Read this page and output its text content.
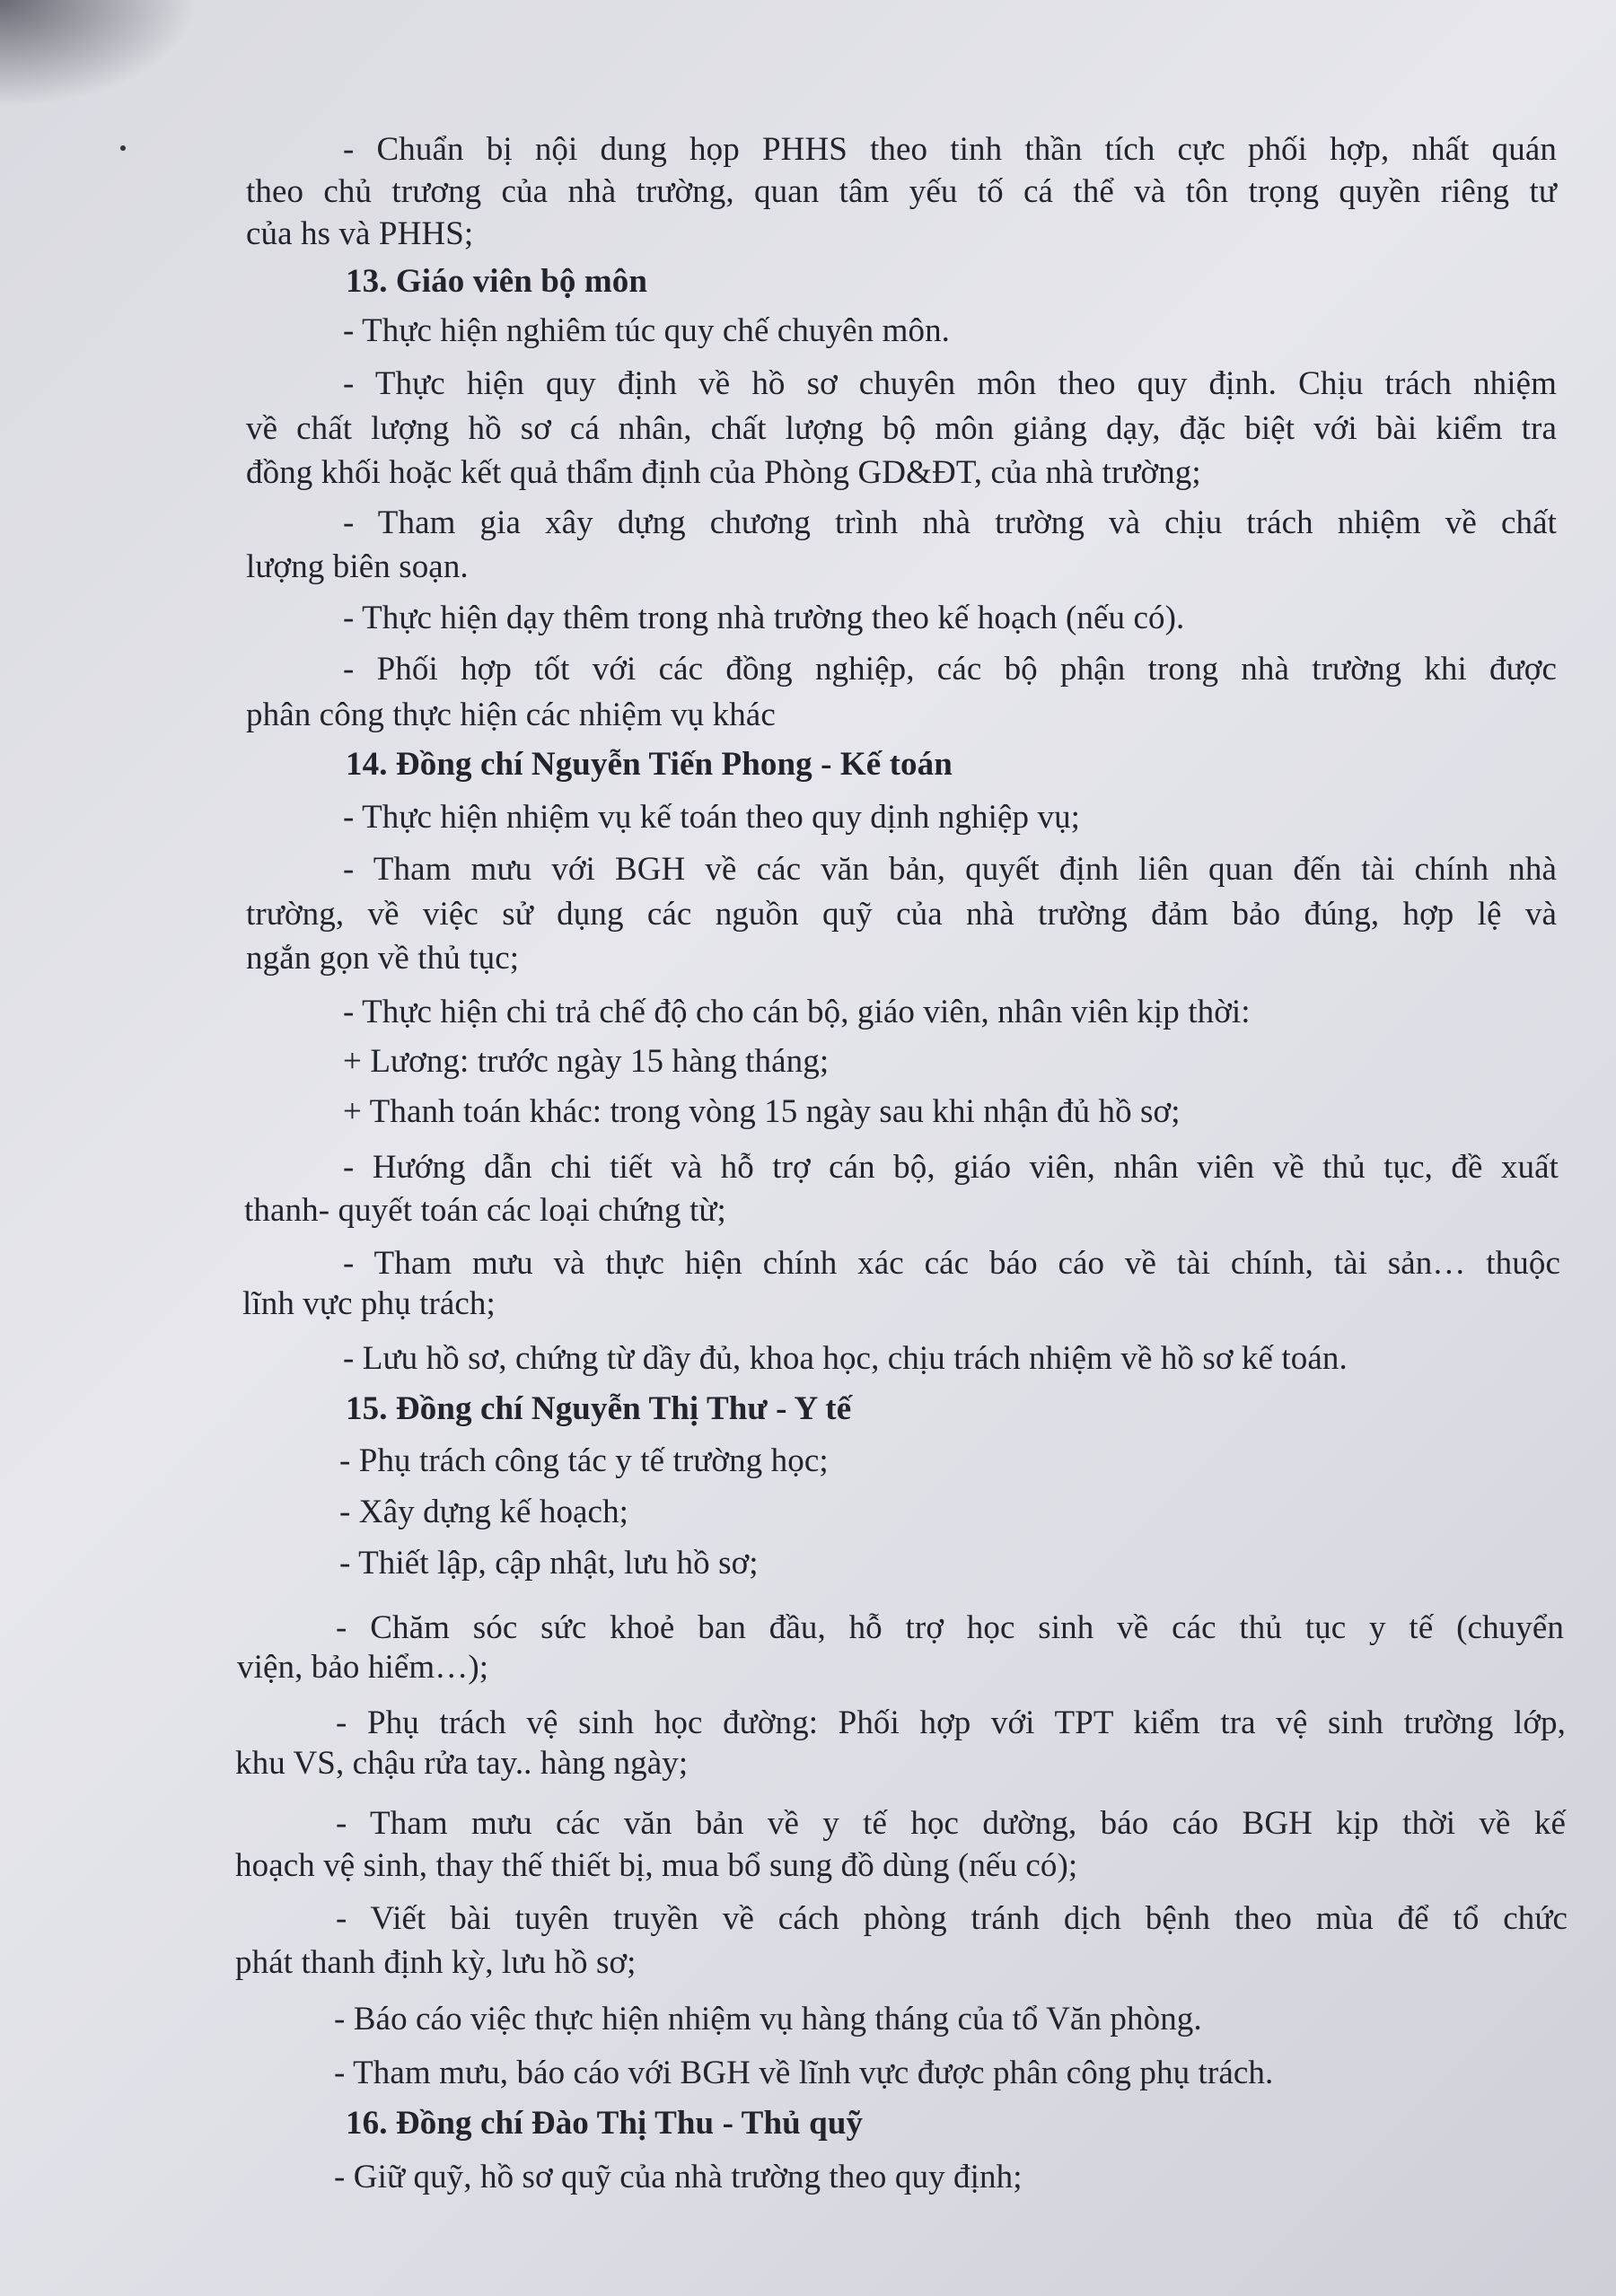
- Chuẩn bị nội dung họp PHHS theo tinh thần tích cực phối hợp, nhất quán
theo chủ trương của nhà trường, quan tâm yếu tố cá thể và tôn trọng quyền riêng tư
của hs và PHHS;
13. Giáo viên bộ môn
- Thực hiện nghiêm túc quy chế chuyên môn.
- Thực hiện quy định về hồ sơ chuyên môn theo quy định. Chịu trách nhiệm
về chất lượng hồ sơ cá nhân, chất lượng bộ môn giảng dạy, đặc biệt với bài kiểm tra
đồng khối hoặc kết quả thẩm định của Phòng GD&ĐT, của nhà trường;
- Tham gia xây dựng chương trình nhà trường và chịu trách nhiệm về chất
lượng biên soạn.
- Thực hiện dạy thêm trong nhà trường theo kế hoạch (nếu có).
- Phối hợp tốt với các đồng nghiệp, các bộ phận trong nhà trường khi được
phân công thực hiện các nhiệm vụ khác
14. Đồng chí Nguyễn Tiến Phong - Kế toán
- Thực hiện nhiệm vụ kế toán theo quy dịnh nghiệp vụ;
- Tham mưu với BGH về các văn bản, quyết định liên quan đến tài chính nhà
trường, về việc sử dụng các nguồn quỹ của nhà trường đảm bảo đúng, hợp lệ và
ngắn gọn về thủ tục;
- Thực hiện chi trả chế độ cho cán bộ, giáo viên, nhân viên kịp thời:
+ Lương: trước ngày 15 hàng tháng;
+ Thanh toán khác: trong vòng 15 ngày sau khi nhận đủ hồ sơ;
- Hướng dẫn chi tiết và hỗ trợ cán bộ, giáo viên, nhân viên về thủ tục, đề xuất
thanh- quyết toán các loại chứng từ;
- Tham mưu và thực hiện chính xác các báo cáo về tài chính, tài sản… thuộc
lĩnh vực phụ trách;
- Lưu hồ sơ, chứng từ dầy đủ, khoa học, chịu trách nhiệm về hồ sơ kế toán.
15. Đồng chí Nguyễn Thị Thư - Y tế
- Phụ trách công tác y tế trường học;
- Xây dựng kế hoạch;
- Thiết lập, cập nhật, lưu hồ sơ;
- Chăm sóc sức khoẻ ban đầu, hỗ trợ học sinh về các thủ tục y tế (chuyển
viện, bảo hiểm…);
- Phụ trách vệ sinh học đường: Phối hợp với TPT kiểm tra vệ sinh trường lớp,
khu VS, chậu rửa tay.. hàng ngày;
- Tham mưu các văn bản về y tế học dường, báo cáo BGH kịp thời về kế
hoạch vệ sinh, thay thế thiết bị, mua bổ sung đồ dùng (nếu có);
- Viết bài tuyên truyền về cách phòng tránh dịch bệnh theo mùa để tổ chức
phát thanh định kỳ, lưu hồ sơ;
- Báo cáo việc thực hiện nhiệm vụ hàng tháng của tổ Văn phòng.
- Tham mưu, báo cáo với BGH về lĩnh vực được phân công phụ trách.
16. Đồng chí Đào Thị Thu - Thủ quỹ
- Giữ quỹ, hồ sơ quỹ của nhà trường theo quy định;
